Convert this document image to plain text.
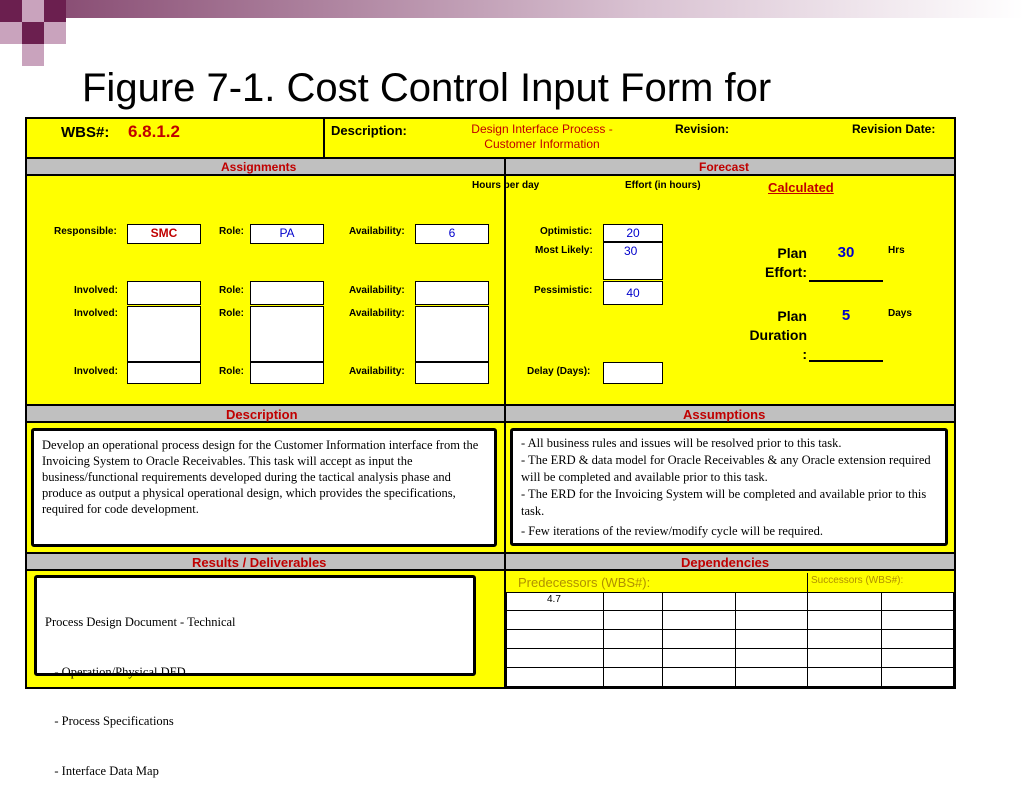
Figure 7-1. Cost Control Input Form for
WBS#: 6.8.1.2	Description:	Design Interface Process - Customer Information
Revision:	Revision Date:
Assignments	Forecast
Hours per day	Effort (in hours)	Calculated
Responsible:	SMC	Role:	PA	Availability:	6
Involved:	Role:	Availability:
Involved:	Role:	Availability:
Involved:	Role:	Availability:
Optimistic:	20
Most Likely:	30
Pessimistic:	40
Delay (Days):
Plan
Effort:
30	Hrs
Plan
Duration
:
5	Days
Description	Assumptions
Develop an operational process design for the Customer Information interface from the Invoicing System to Oracle Receivables. This task will accept as input the business/functional requirements developed during the tactical analysis phase and produce as output a physical operational design, which provides the specifications, required for code development.
- All business rules and issues will be resolved prior to this task.
- The ERD & data model for Oracle Receivables & any Oracle extension required will be completed and available prior to this task.
- The ERD for the Invoicing System will be completed and available prior to this task.
- Few iterations of the review/modify cycle will be required.
Results / Deliverables	Dependencies

Process Design Document - Technical

- Operation/Physical DFD

- Process Specifications

- Interface Data Map

Predecessors (WBS#):	Successors (WBS#):
4.7
